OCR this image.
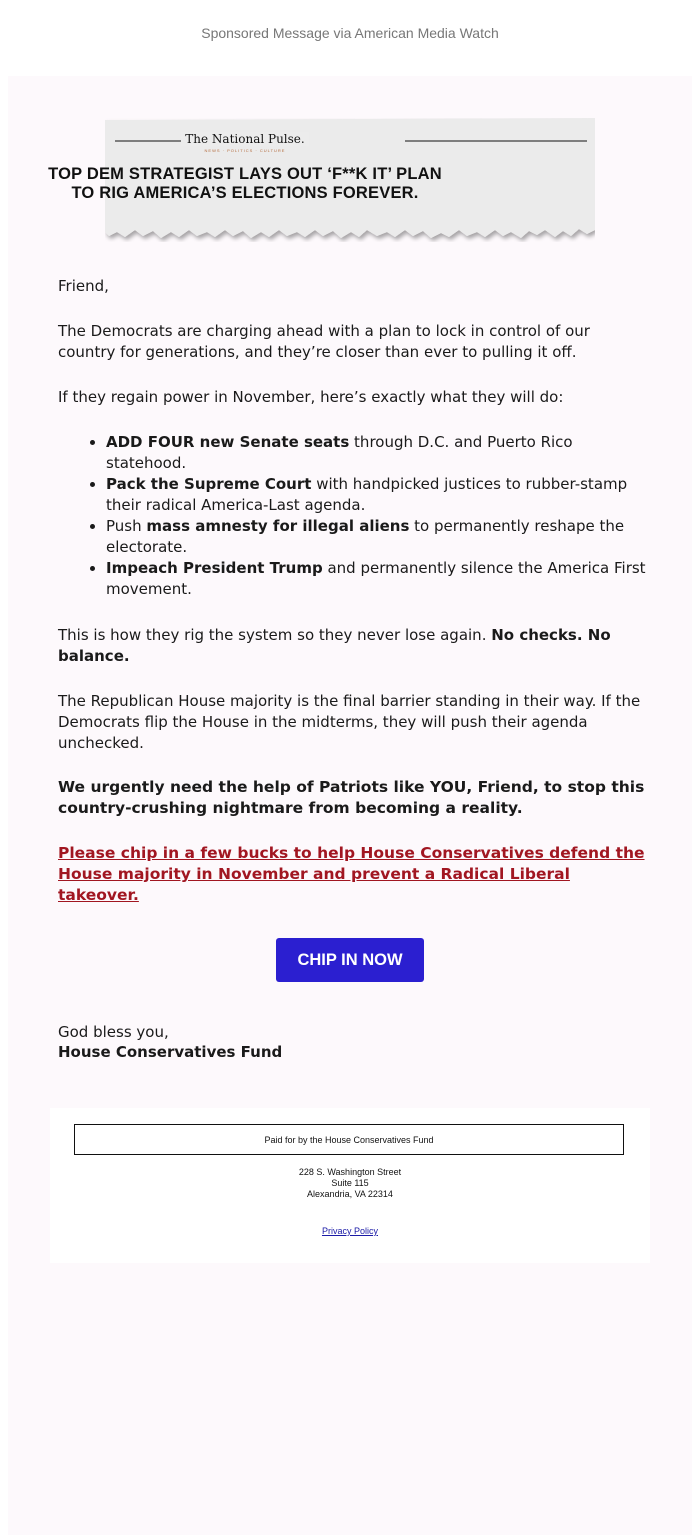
Sponsored Message via American Media Watch
The National Pulse.
NEWS · POLITICS · CULTURE
TOP DEM STRATEGIST LAYS OUT ‘F**K IT’ PLAN
TO RIG AMERICA’S ELECTIONS FOREVER.
Friend,
The Democrats are charging ahead with a plan to lock in control of our country for generations, and they’re closer than ever to pulling it off.
If they regain power in November, here’s exactly what they will do:
• ADD FOUR new Senate seats through D.C. and Puerto Rico statehood.
• Pack the Supreme Court with handpicked justices to rubber-stamp their radical America-Last agenda.
• Push mass amnesty for illegal aliens to permanently reshape the electorate.
• Impeach President Trump and permanently silence the America First movement.
This is how they rig the system so they never lose again. No checks. No balance.
The Republican House majority is the final barrier standing in their way. If the Democrats flip the House in the midterms, they will push their agenda unchecked.
We urgently need the help of Patriots like YOU, Friend, to stop this country-crushing nightmare from becoming a reality.
Please chip in a few bucks to help House Conservatives defend the House majority in November and prevent a Radical Liberal takeover.
CHIP IN NOW
God bless you,
House Conservatives Fund
Paid for by the House Conservatives Fund
228 S. Washington Street
Suite 115
Alexandria, VA 22314
Privacy Policy
